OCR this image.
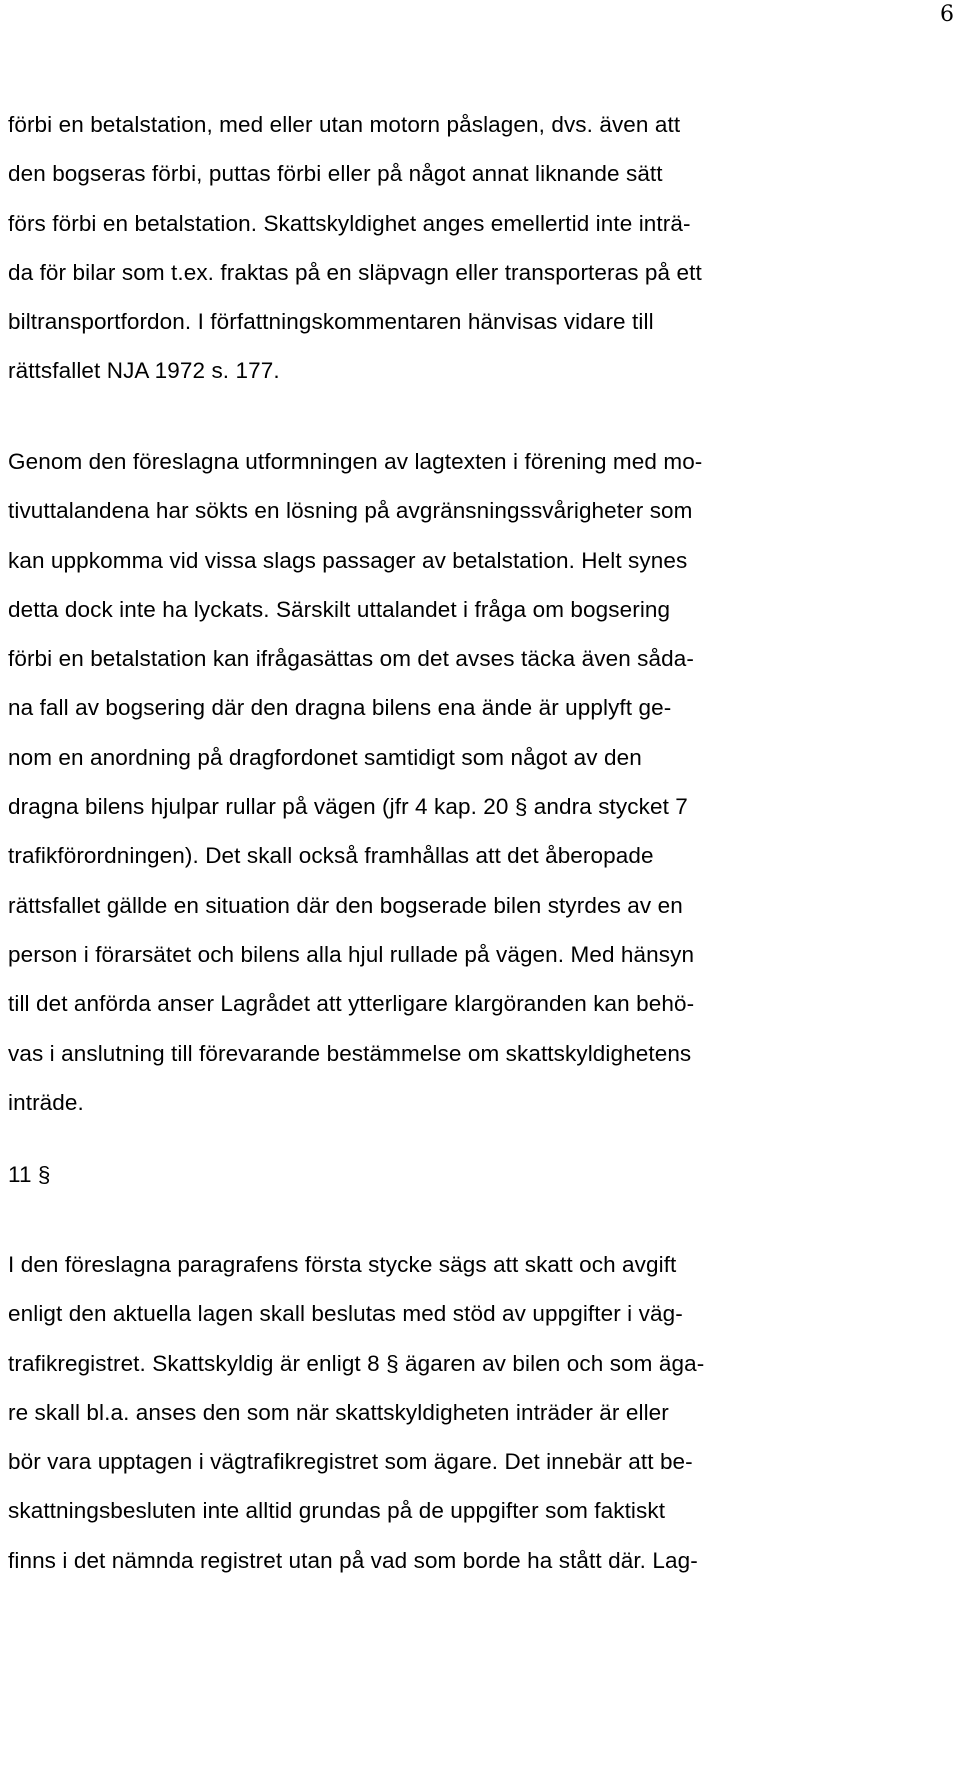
6
förbi en betalstation, med eller utan motorn påslagen, dvs. även att
den bogseras förbi, puttas förbi eller på något annat liknande sätt
förs förbi en betalstation. Skattskyldighet anges emellertid inte inträ-
da för bilar som t.ex. fraktas på en släpvagn eller transporteras på ett
biltransportfordon. I författningskommentaren hänvisas vidare till
rättsfallet NJA 1972 s. 177.
Genom den föreslagna utformningen av lagtexten i förening med mo-
tivuttalandena har sökts en lösning på avgränsningssvårigheter som
kan uppkomma vid vissa slags passager av betalstation. Helt synes
detta dock inte ha lyckats. Särskilt uttalandet i fråga om bogsering
förbi en betalstation kan ifrågasättas om det avses täcka även såda-
na fall av bogsering där den dragna bilens ena ände är upplyft ge-
nom en anordning på dragfordonet samtidigt som något av den
dragna bilens hjulpar rullar på vägen (jfr 4 kap. 20 § andra stycket 7
trafikförordningen). Det skall också framhållas att det åberopade
rättsfallet gällde en situation där den bogserade bilen styrdes av en
person i förarsätet och bilens alla hjul rullade på vägen. Med hänsyn
till det anförda anser Lagrådet att ytterligare klargöranden kan behö-
vas i anslutning till förevarande bestämmelse om skattskyldighetens
inträde.
11 §
I den föreslagna paragrafens första stycke sägs att skatt och avgift
enligt den aktuella lagen skall beslutas med stöd av uppgifter i väg-
trafikregistret. Skattskyldig är enligt 8 § ägaren av bilen och som äga-
re skall bl.a. anses den som när skattskyldigheten inträder är eller
bör vara upptagen i vägtrafikregistret som ägare. Det innebär att be-
skattningsbesluten inte alltid grundas på de uppgifter som faktiskt
finns i det nämnda registret utan på vad som borde ha stått där. Lag-
